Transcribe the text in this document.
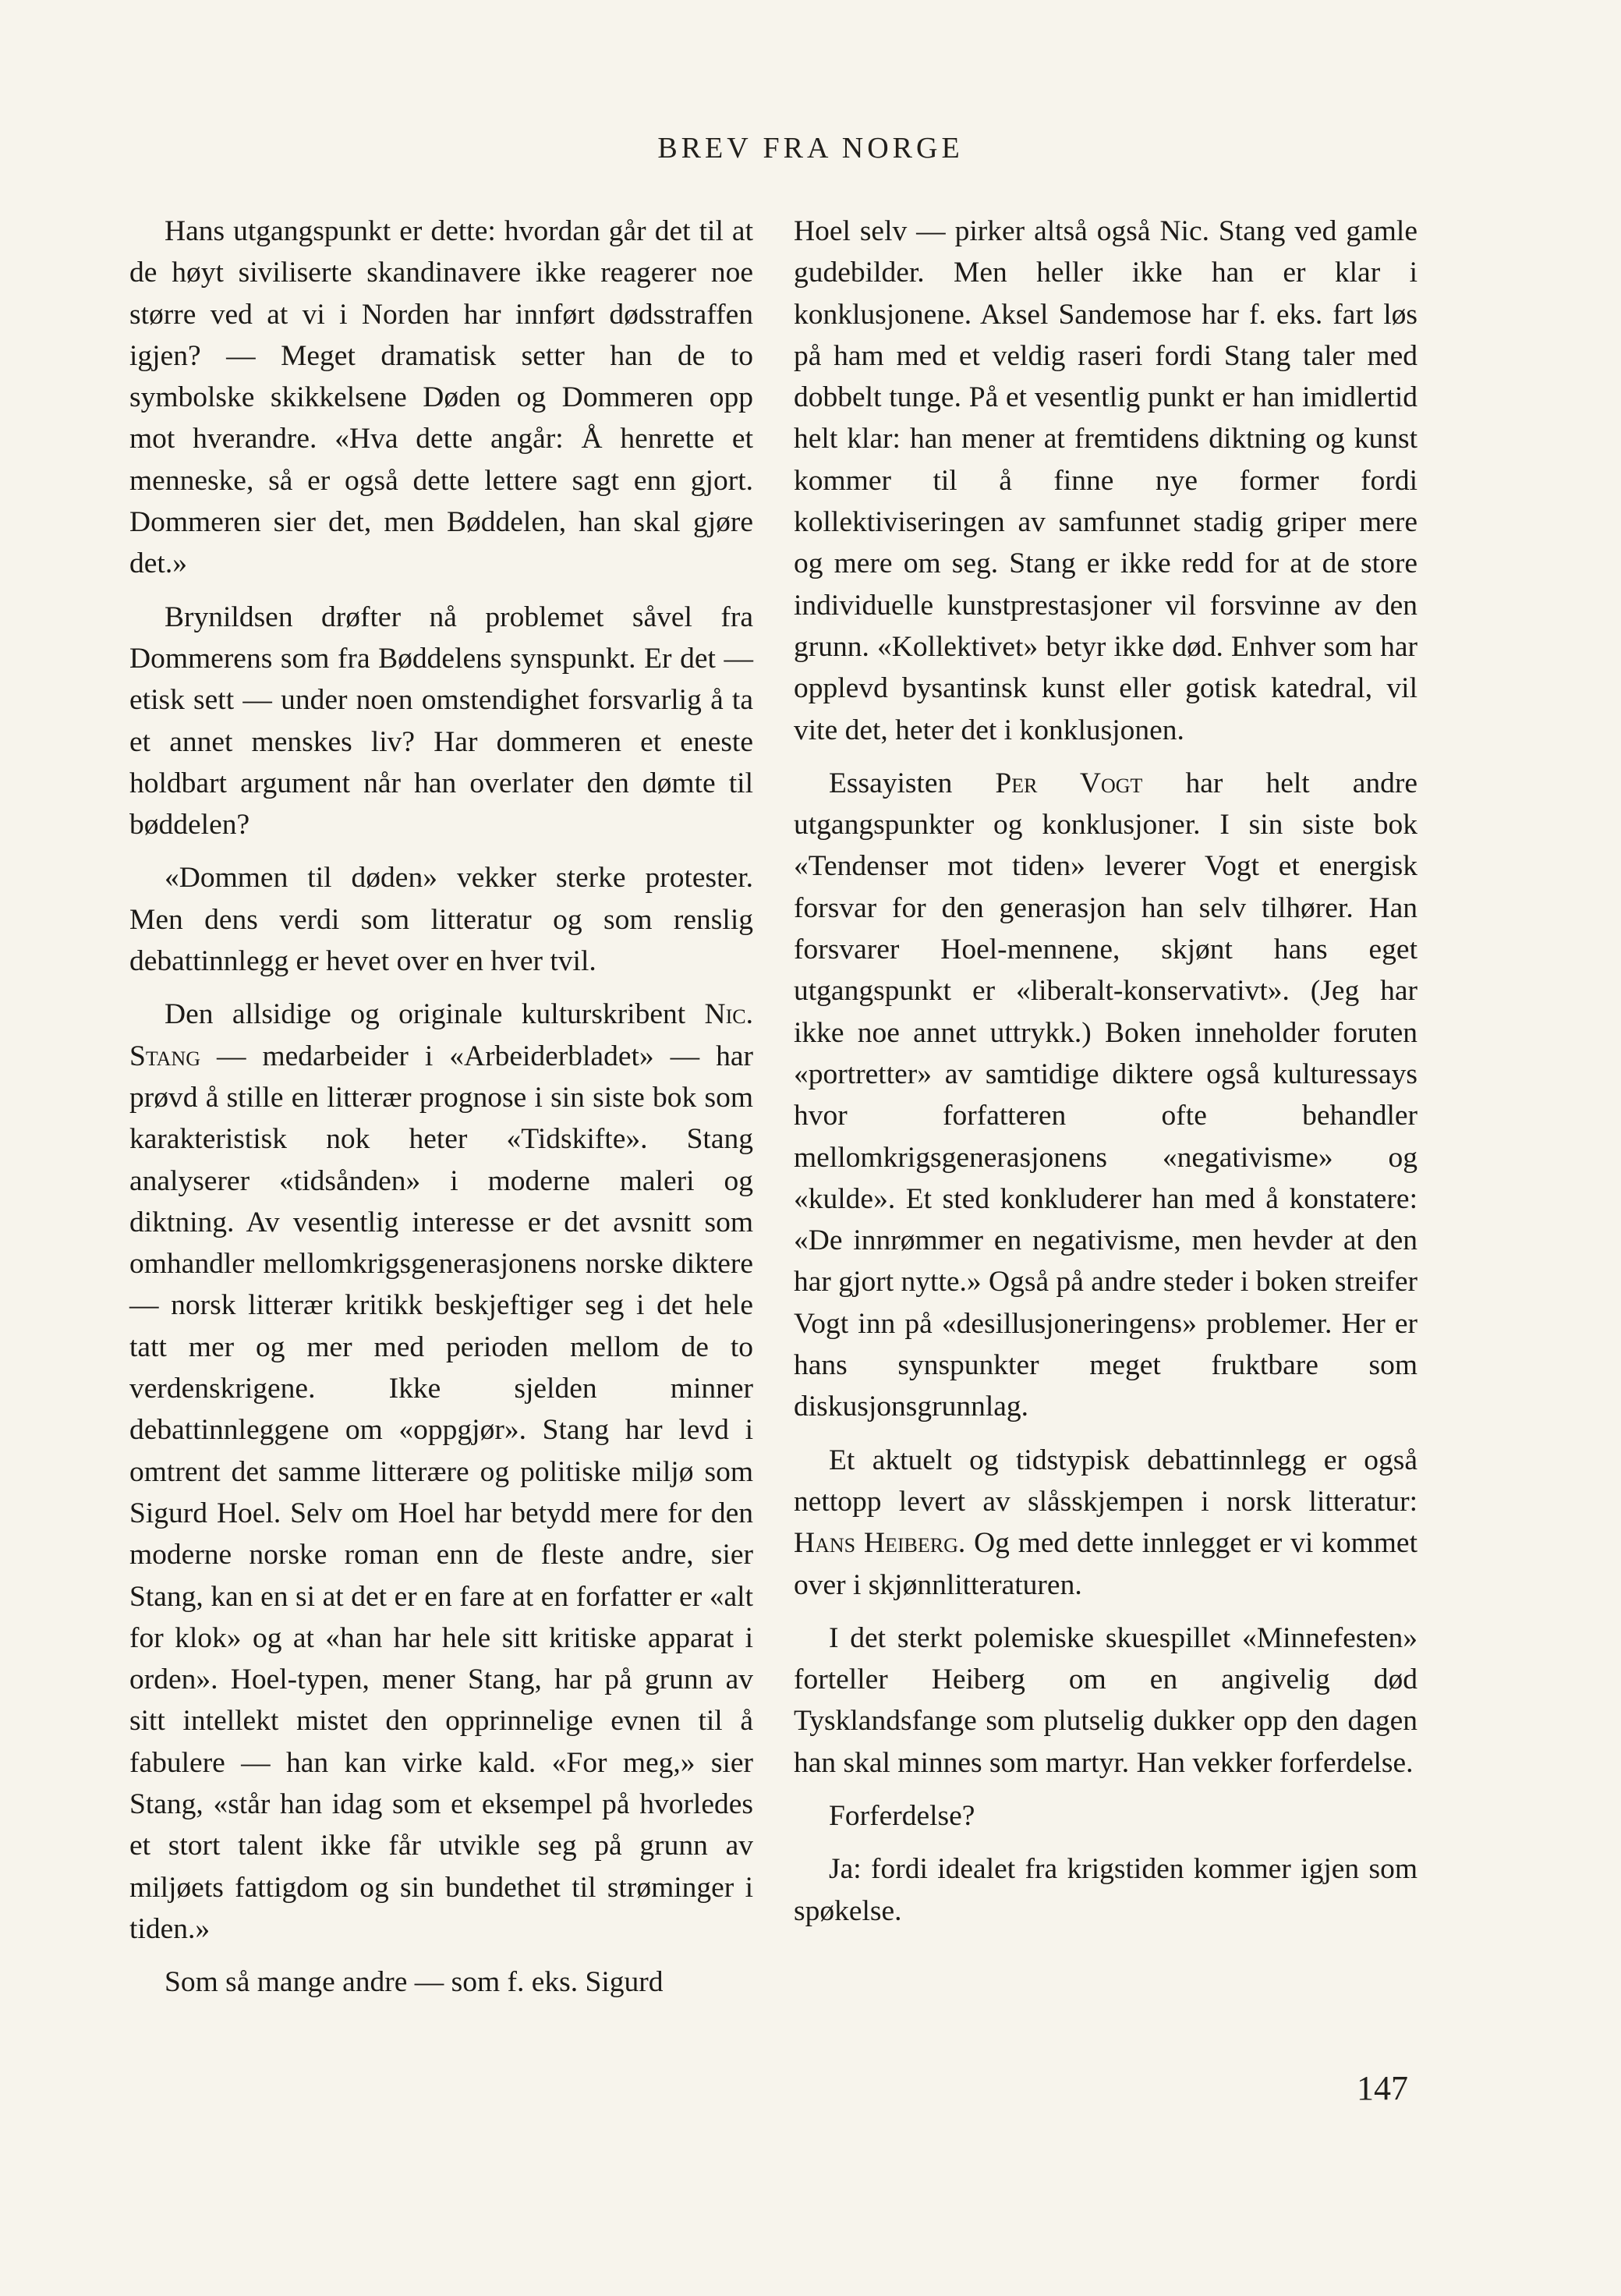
BREV FRA NORGE

Hans utgangspunkt er dette: hvordan går det til at de høyt siviliserte skandinavere ikke reagerer noe større ved at vi i Norden har innført dødsstraffen igjen? — Meget dramatisk setter han de to symbolske skikkelsene Døden og Dommeren opp mot hverandre. «Hva dette angår: Å henrette et menneske, så er også dette lettere sagt enn gjort. Dommeren sier det, men Bøddelen, han skal gjøre det.»

Brynildsen drøfter nå problemet såvel fra Dommerens som fra Bøddelens synspunkt. Er det — etisk sett — under noen omstendighet forsvarlig å ta et annet menskes liv? Har dommeren et eneste holdbart argument når han overlater den dømte til bøddelen?

«Dommen til døden» vekker sterke protester. Men dens verdi som litteratur og som renslig debattinnlegg er hevet over en hver tvil.

Den allsidige og originale kulturskribent Nic. Stang — medarbeider i «Arbeiderbladet» — har prøvd å stille en litterær prognose i sin siste bok som karakteristisk nok heter «Tidskifte». Stang analyserer «tidsånden» i moderne maleri og diktning. Av vesentlig interesse er det avsnitt som omhandler mellomkrigsgenerasjonens norske diktere — norsk litterær kritikk beskjeftiger seg i det hele tatt mer og mer med perioden mellom de to verdenskrigene. Ikke sjelden minner debattinnleggene om «oppgjør». Stang har levd i omtrent det samme litterære og politiske miljø som Sigurd Hoel. Selv om Hoel har betydd mere for den moderne norske roman enn de fleste andre, sier Stang, kan en si at det er en fare at en forfatter er «alt for klok» og at «han har hele sitt kritiske apparat i orden». Hoel-typen, mener Stang, har på grunn av sitt intellekt mistet den opprinnelige evnen til å fabulere — han kan virke kald. «For meg,» sier Stang, «står han idag som et eksempel på hvorledes et stort talent ikke får utvikle seg på grunn av miljøets fattigdom og sin bundethet til strøminger i tiden.»

Som så mange andre — som f. eks. Sigurd

Hoel selv — pirker altså også Nic. Stang ved gamle gudebilder. Men heller ikke han er klar i konklusjonene. Aksel Sandemose har f. eks. fart løs på ham med et veldig raseri fordi Stang taler med dobbelt tunge. På et vesentlig punkt er han imidlertid helt klar: han mener at fremtidens diktning og kunst kommer til å finne nye former fordi kollektiviseringen av samfunnet stadig griper mere og mere om seg. Stang er ikke redd for at de store individuelle kunstprestasjoner vil forsvinne av den grunn. «Kollektivet» betyr ikke død. Enhver som har opplevd bysantinsk kunst eller gotisk katedral, vil vite det, heter det i konklusjonen.

Essayisten Per Vogt har helt andre utgangspunkter og konklusjoner. I sin siste bok «Tendenser mot tiden» leverer Vogt et energisk forsvar for den generasjon han selv tilhører. Han forsvarer Hoel-mennene, skjønt hans eget utgangspunkt er «liberalt-konservativt». (Jeg har ikke noe annet uttrykk.) Boken inneholder foruten «portretter» av samtidige diktere også kulturessays hvor forfatteren ofte behandler mellomkrigsgenerasjonens «negativisme» og «kulde». Et sted konkluderer han med å konstatere: «De innrømmer en negativisme, men hevder at den har gjort nytte.» Også på andre steder i boken streifer Vogt inn på «desillusjoneringens» problemer. Her er hans synspunkter meget fruktbare som diskusjonsgrunnlag.

Et aktuelt og tidstypisk debattinnlegg er også nettopp levert av slåsskjempen i norsk litteratur: Hans Heiberg. Og med dette innlegget er vi kommet over i skjønnlitteraturen.

I det sterkt polemiske skuespillet «Minnefesten» forteller Heiberg om en angivelig død Tysklandsfange som plutselig dukker opp den dagen han skal minnes som martyr. Han vekker forferdelse.

Forferdelse?

Ja: fordi idealet fra krigstiden kommer igjen som spøkelse.

147
